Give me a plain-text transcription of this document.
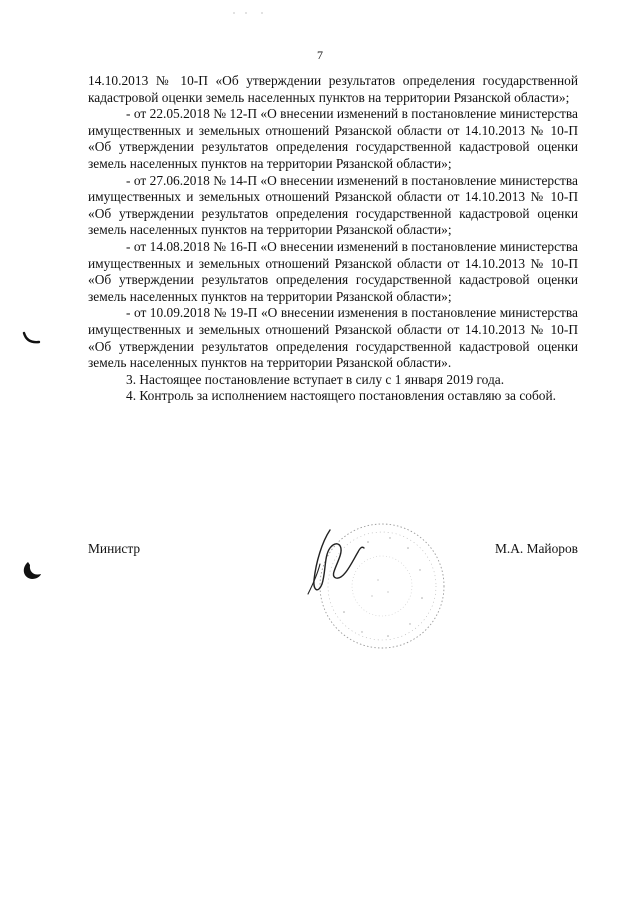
7

14.10.2013 № 10-П «Об утверждении результатов определения государственной кадастровой оценки земель населенных пунктов на территории Рязанской области»;

- от 22.05.2018 № 12-П «О внесении изменений в постановление министерства имущественных и земельных отношений Рязанской области от 14.10.2013 № 10-П «Об утверждении результатов определения государственной кадастровой оценки земель населенных пунктов на территории Рязанской области»;

- от 27.06.2018 № 14-П «О внесении изменений в постановление министерства имущественных и земельных отношений Рязанской области от 14.10.2013 № 10-П «Об утверждении результатов определения государственной кадастровой оценки земель населенных пунктов на территории Рязанской области»;

- от 14.08.2018 № 16-П «О внесении изменений в постановление министерства имущественных и земельных отношений Рязанской области от 14.10.2013 № 10-П «Об утверждении результатов определения государственной кадастровой оценки земель населенных пунктов на территории Рязанской области»;

- от 10.09.2018 № 19-П «О внесении изменения в постановление министерства имущественных и земельных отношений Рязанской области от 14.10.2013 № 10-П «Об утверждении результатов определения государственной кадастровой оценки земель населенных пунктов на территории Рязанской области».

3. Настоящее постановление вступает в силу с 1 января 2019 года.

4. Контроль за исполнением настоящего постановления оставляю за собой.

Министр	М.А. Майоров
